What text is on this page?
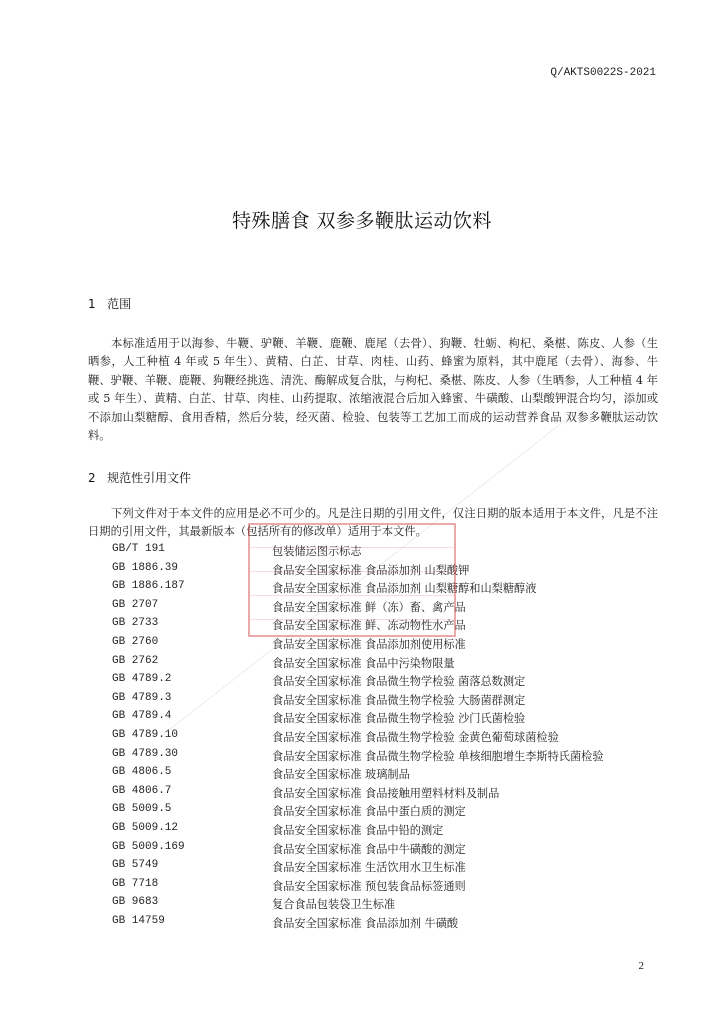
Q/AKTS0022S-2021
特殊膳食 双参多鞭肽运动饮料
1   范围
本标准适用于以海参、牛鞭、驴鞭、羊鞭、鹿鞭、鹿尾（去骨）、狗鞭、牡蛎、枸杞、桑椹、陈皮、人参（生晒参，人工种植 4 年或 5 年生）、黄精、白芷、甘草、肉桂、山药、蜂蜜为原料，其中鹿尾（去骨）、海参、牛鞭、驴鞭、羊鞭、鹿鞭、狗鞭经挑选、清洗、酶解成复合肽，与枸杞、桑椹、陈皮、人参（生晒参，人工种植 4 年或 5 年生）、黄精、白芷、甘草、肉桂、山药提取、浓缩液混合后加入蜂蜜、牛磺酸、山梨酸钾混合均匀，添加或不添加山梨糖醇、食用香精，然后分装，经灭菌、检验、包装等工艺加工而成的运动营养食品 双参多鞭肽运动饮料。
2   规范性引用文件
下列文件对于本文件的应用是必不可少的。凡是注日期的引用文件，仅注日期的版本适用于本文件，凡是不注日期的引用文件，其最新版本（包括所有的修改单）适用于本文件。
GB/T 191	包装储运图示标志
GB 1886.39	食品安全国家标准 食品添加剂 山梨酸钾
GB 1886.187	食品安全国家标准 食品添加剂 山梨糖醇和山梨糖醇液
GB 2707	食品安全国家标准 鲜（冻）畜、禽产品
GB 2733	食品安全国家标准 鲜、冻动物性水产品
GB 2760	食品安全国家标准 食品添加剂使用标准
GB 2762	食品安全国家标准 食品中污染物限量
GB 4789.2	食品安全国家标准 食品微生物学检验 菌落总数测定
GB 4789.3	食品安全国家标准 食品微生物学检验 大肠菌群测定
GB 4789.4	食品安全国家标准 食品微生物学检验 沙门氏菌检验
GB 4789.10	食品安全国家标准 食品微生物学检验 金黄色葡萄球菌检验
GB 4789.30	食品安全国家标准 食品微生物学检验 单核细胞增生李斯特氏菌检验
GB 4806.5	食品安全国家标准 玻璃制品
GB 4806.7	食品安全国家标准 食品接触用塑料材料及制品
GB 5009.5	食品安全国家标准 食品中蛋白质的测定
GB 5009.12	食品安全国家标准 食品中铅的测定
GB 5009.169	食品安全国家标准 食品中牛磺酸的测定
GB 5749	食品安全国家标准 生活饮用水卫生标准
GB 7718	食品安全国家标准 预包装食品标签通则
GB 9683	复合食品包装袋卫生标准
GB 14759	食品安全国家标准 食品添加剂 牛磺酸
2
